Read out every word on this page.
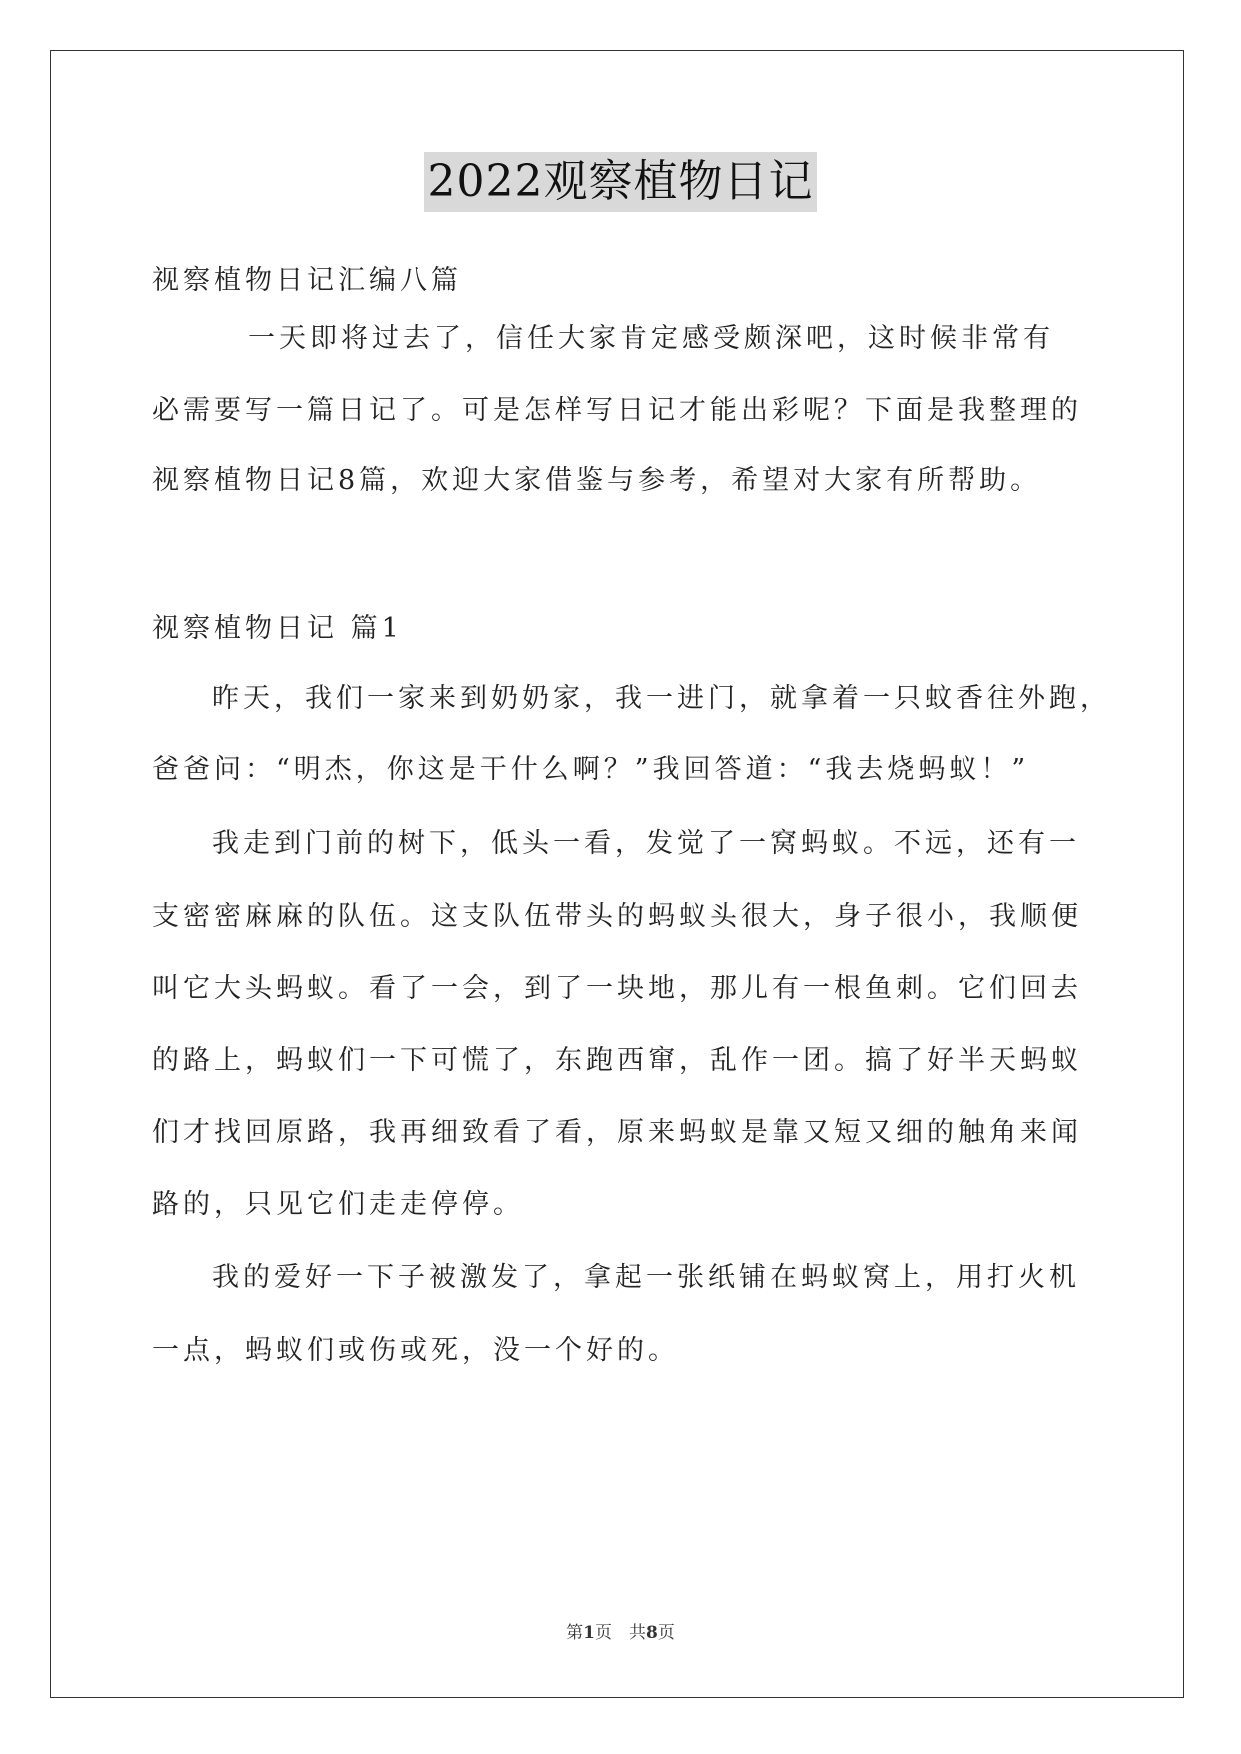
2022观察植物日记
视察植物日记汇编八篇
一天即将过去了，信任大家肯定感受颇深吧，这时候非常有
必需要写一篇日记了。可是怎样写日记才能出彩呢？下面是我整理的
视察植物日记8篇，欢迎大家借鉴与参考，希望对大家有所帮助。
视察植物日记 篇1
昨天，我们一家来到奶奶家，我一进门，就拿着一只蚊香往外跑，
爸爸问：“明杰，你这是干什么啊？”我回答道：“我去烧蚂蚁！”
我走到门前的树下，低头一看，发觉了一窝蚂蚁。不远，还有一
支密密麻麻的队伍。这支队伍带头的蚂蚁头很大，身子很小，我顺便
叫它大头蚂蚁。看了一会，到了一块地，那儿有一根鱼刺。它们回去
的路上，蚂蚁们一下可慌了，东跑西窜，乱作一团。搞了好半天蚂蚁
们才找回原路，我再细致看了看，原来蚂蚁是靠又短又细的触角来闻
路的，只见它们走走停停。
我的爱好一下子被激发了，拿起一张纸铺在蚂蚁窝上，用打火机
一点，蚂蚁们或伤或死，没一个好的。
第1页　共8页
